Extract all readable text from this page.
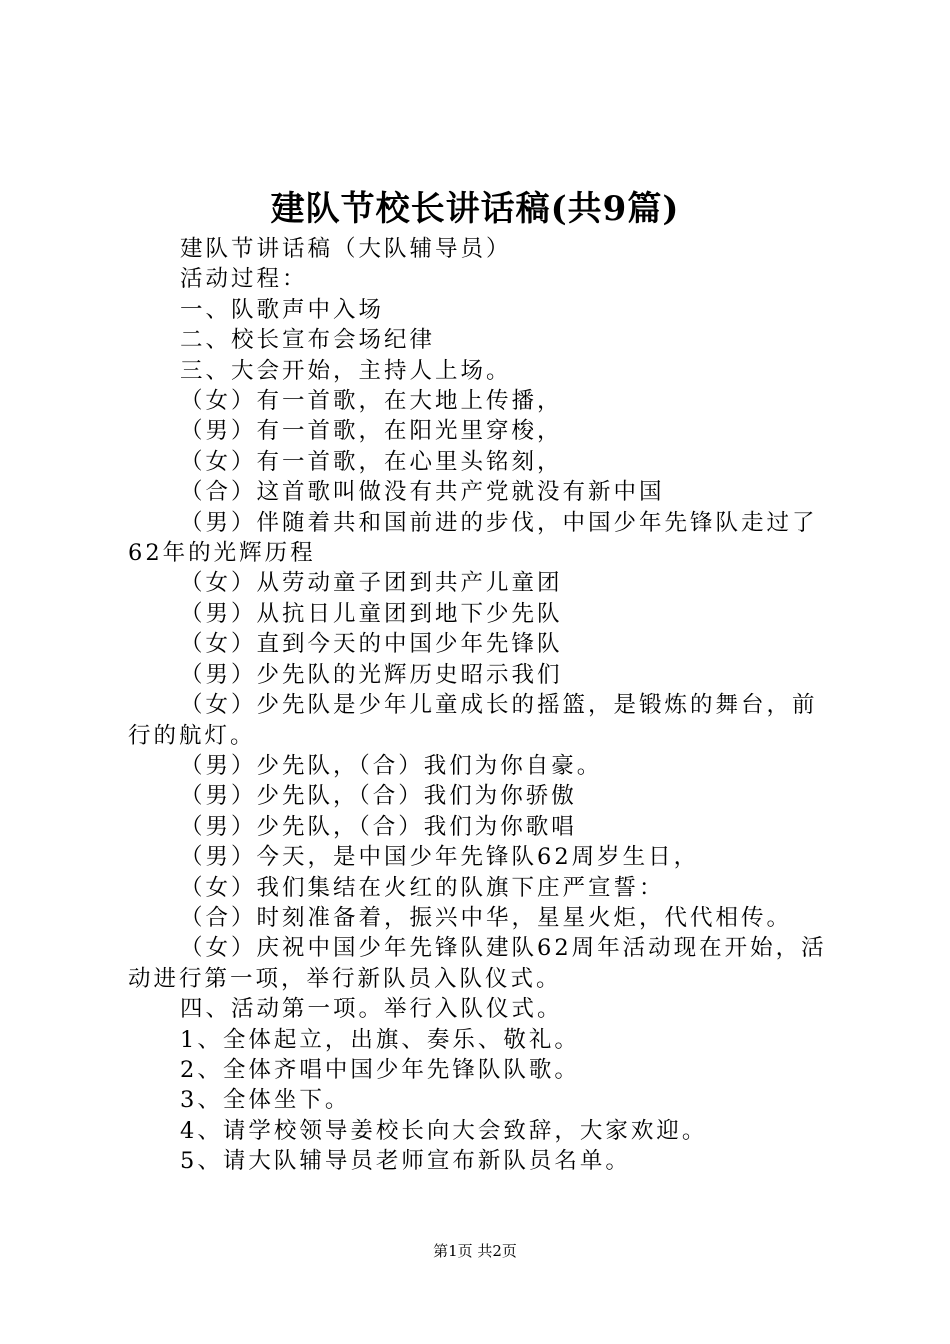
建队节校长讲话稿(共9篇)

建队节讲话稿（大队辅导员）

活动过程：

一、队歌声中入场

二、校长宣布会场纪律

三、大会开始，主持人上场。

（女）有一首歌，在大地上传播，

（男）有一首歌，在阳光里穿梭，

（女）有一首歌，在心里头铭刻，

（合）这首歌叫做没有共产党就没有新中国

（男）伴随着共和国前进的步伐，中国少年先锋队走过了62年的光辉历程

（女）从劳动童子团到共产儿童团

（男）从抗日儿童团到地下少先队

（女）直到今天的中国少年先锋队

（男）少先队的光辉历史昭示我们

（女）少先队是少年儿童成长的摇篮，是锻炼的舞台，前行的航灯。

（男）少先队，（合）我们为你自豪。

（男）少先队，（合）我们为你骄傲

（男）少先队，（合）我们为你歌唱

（男）今天，是中国少年先锋队62周岁生日，

（女）我们集结在火红的队旗下庄严宣誓：

（合）时刻准备着，振兴中华，星星火炬，代代相传。

（女）庆祝中国少年先锋队建队62周年活动现在开始，活动进行第一项，举行新队员入队仪式。

四、活动第一项。举行入队仪式。

1、全体起立，出旗、奏乐、敬礼。

2、全体齐唱中国少年先锋队队歌。

3、全体坐下。

4、请学校领导姜校长向大会致辞，大家欢迎。

5、请大队辅导员老师宣布新队员名单。

第1页 共2页
